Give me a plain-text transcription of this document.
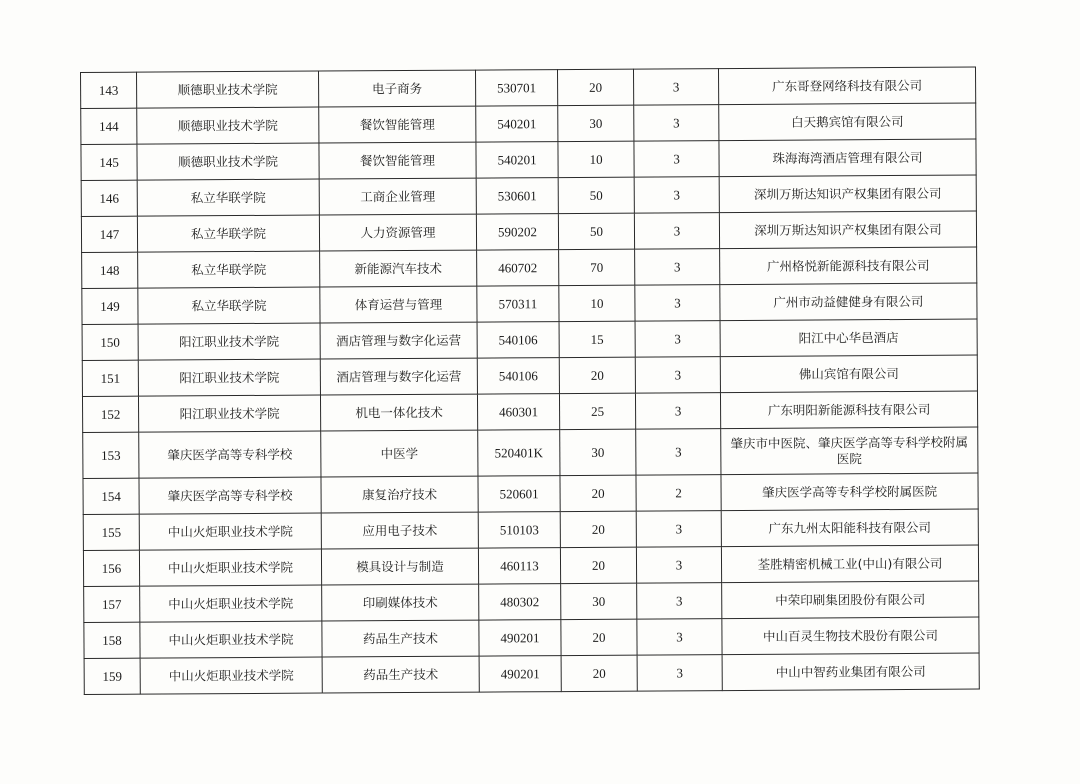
143	顺德职业技术学院	电子商务	530701	20	3	广东哥登网络科技有限公司
144	顺德职业技术学院	餐饮智能管理	540201	30	3	白天鹅宾馆有限公司
145	顺德职业技术学院	餐饮智能管理	540201	10	3	珠海海湾酒店管理有限公司
146	私立华联学院	工商企业管理	530601	50	3	深圳万斯达知识产权集团有限公司
147	私立华联学院	人力资源管理	590202	50	3	深圳万斯达知识产权集团有限公司
148	私立华联学院	新能源汽车技术	460702	70	3	广州格悦新能源科技有限公司
149	私立华联学院	体育运营与管理	570311	10	3	广州市动益健健身有限公司
150	阳江职业技术学院	酒店管理与数字化运营	540106	15	3	阳江中心华邑酒店
151	阳江职业技术学院	酒店管理与数字化运营	540106	20	3	佛山宾馆有限公司
152	阳江职业技术学院	机电一体化技术	460301	25	3	广东明阳新能源科技有限公司
153	肇庆医学高等专科学校	中医学	520401K	30	3	肇庆市中医院、肇庆医学高等专科学校附属医院
154	肇庆医学高等专科学校	康复治疗技术	520601	20	2	肇庆医学高等专科学校附属医院
155	中山火炬职业技术学院	应用电子技术	510103	20	3	广东九州太阳能科技有限公司
156	中山火炬职业技术学院	模具设计与制造	460113	20	3	荃胜精密机械工业(中山)有限公司
157	中山火炬职业技术学院	印刷媒体技术	480302	30	3	中荣印刷集团股份有限公司
158	中山火炬职业技术学院	药品生产技术	490201	20	3	中山百灵生物技术股份有限公司
159	中山火炬职业技术学院	药品生产技术	490201	20	3	中山中智药业集团有限公司
